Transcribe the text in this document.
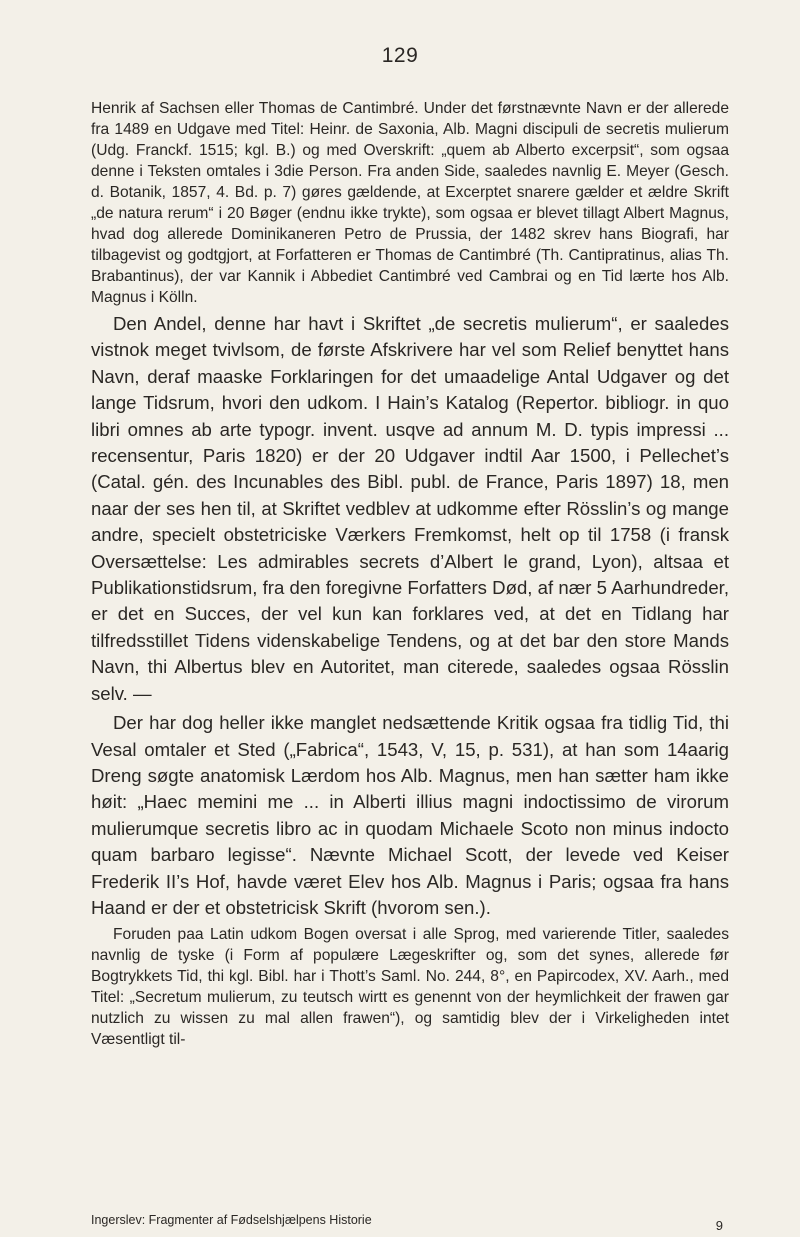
129

Henrik af Sachsen eller Thomas de Cantimbré. Under det førstnævnte Navn er der allerede fra 1489 en Udgave med Titel: Heinr. de Saxonia, Alb. Magni discipuli de secretis mulierum (Udg. Franckf. 1515; kgl. B.) og med Overskrift: „quem ab Alberto excerpsit“, som ogsaa denne i Teksten omtales i 3die Person. Fra anden Side, saaledes navnlig E. Meyer (Gesch. d. Botanik, 1857, 4. Bd. p. 7) gøres gældende, at Excerptet snarere gælder et ældre Skrift „de natura rerum“ i 20 Bøger (endnu ikke trykte), som ogsaa er blevet tillagt Albert Magnus, hvad dog allerede Dominikaneren Petro de Prussia, der 1482 skrev hans Biografi, har tilbagevist og godtgjort, at Forfatteren er Thomas de Cantimbré (Th. Cantipratinus, alias Th. Brabantinus), der var Kannik i Abbediet Cantimbré ved Cambrai og en Tid lærte hos Alb. Magnus i Kölln.

Den Andel, denne har havt i Skriftet „de secretis mulierum“, er saaledes vistnok meget tvivlsom, de første Afskrivere har vel som Relief benyttet hans Navn, deraf maaske Forklaringen for det umaadelige Antal Udgaver og det lange Tidsrum, hvori den udkom. I Hain’s Katalog (Repertor. bibliogr. in quo libri omnes ab arte typogr. invent. usqve ad annum M. D. typis impressi ... recensentur, Paris 1820) er der 20 Udgaver indtil Aar 1500, i Pellechet’s (Catal. gén. des Incunables des Bibl. publ. de France, Paris 1897) 18, men naar der ses hen til, at Skriftet vedblev at udkomme efter Rösslin’s og mange andre, specielt obstetriciske Værkers Fremkomst, helt op til 1758 (i fransk Oversættelse: Les admirables secrets d’Albert le grand, Lyon), altsaa et Publikationstidsrum, fra den foregivne Forfatters Død, af nær 5 Aarhundreder, er det en Succes, der vel kun kan forklares ved, at det en Tidlang har tilfredsstillet Tidens videnskabelige Tendens, og at det bar den store Mands Navn, thi Albertus blev en Autoritet, man citerede, saaledes ogsaa Rösslin selv. —

Der har dog heller ikke manglet nedsættende Kritik ogsaa fra tidlig Tid, thi Vesal omtaler et Sted („Fabrica“, 1543, V, 15, p. 531), at han som 14aarig Dreng søgte anatomisk Lærdom hos Alb. Magnus, men han sætter ham ikke høit: „Haec memini me ... in Alberti illius magni indoctissimo de virorum mulierumque secretis libro ac in quodam Michaele Scoto non minus indocto quam barbaro legisse“. Nævnte Michael Scott, der levede ved Keiser Frederik II’s Hof, havde været Elev hos Alb. Magnus i Paris; ogsaa fra hans Haand er der et obstetricisk Skrift (hvorom sen.).

Foruden paa Latin udkom Bogen oversat i alle Sprog, med varierende Titler, saaledes navnlig de tyske (i Form af populære Lægeskrifter og, som det synes, allerede før Bogtrykkets Tid, thi kgl. Bibl. har i Thott’s Saml. No. 244, 8°, en Papircodex, XV. Aarh., med Titel: „Secretum mulierum, zu teutsch wirtt es genennt von der heymlichkeit der frawen gar nutzlich zu wissen zu mal allen frawen“), og samtidig blev der i Virkeligheden intet Væsentligt til-

Ingerslev: Fragmenter af Fødselshjælpens Historie	9
